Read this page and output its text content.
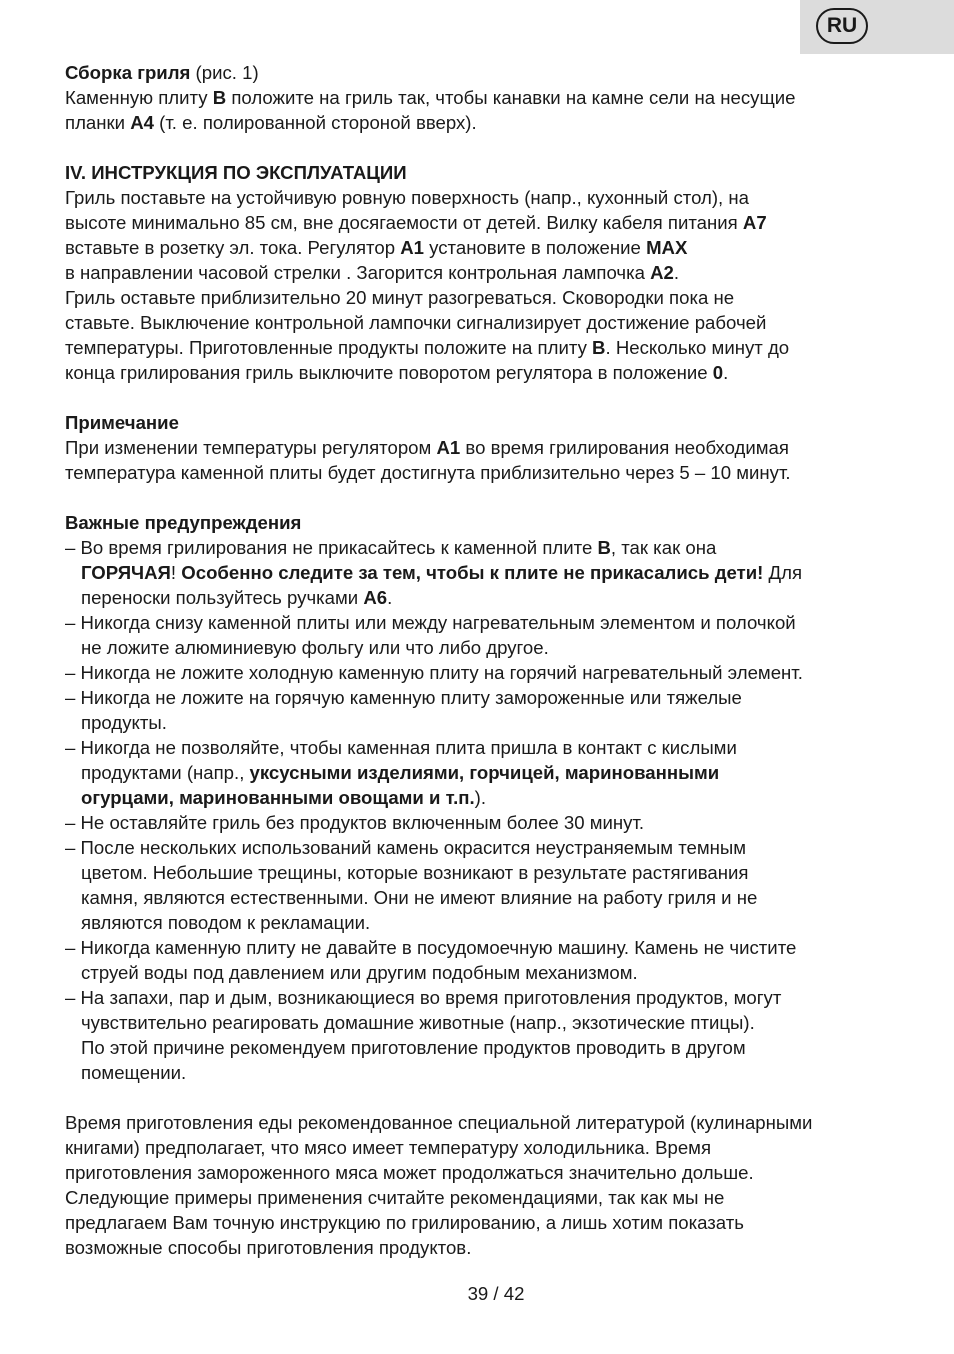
RU
Сборка гриля (рис. 1)
Каменную плиту B положите на гриль так, чтобы канавки на камне сели на несущие
планки A4 (т. е. полированной стороной вверх).
IV. ИНСТРУКЦИЯ ПО ЭКСПЛУАТАЦИИ
Гриль поставьте на устойчивую ровную поверхность (напр., кухонный стол), на
высоте минимально 85 см, вне досягаемости от детей. Вилку кабеля питания A7
вставьте в розетку эл. тока. Регулятор A1 установите в положение MAX
в направлении часовой стрелки . Загорится контрольная лампочка A2.
Гриль оставьте приблизительно 20 минут разогреваться. Сковородки пока не
ставьте. Выключение контрольной лампочки сигнализирует достижение рабочей
температуры. Приготовленные продукты положите на плиту B. Несколько минут до
конца грилирования гриль выключите поворотом регулятора в положение 0.
Примечание
При изменении температуры регулятором A1 во время грилирования необходимая
температура каменной плиты будет достигнута приблизительно через 5 – 10 минут.
Важные предупреждения
– Во время грилирования не прикасайтесь к каменной плите B, так как она
ГОРЯЧАЯ! Особенно следите за тем, чтобы к плите не прикасались дети! Для
переноски пользуйтесь ручками A6.
– Никогда снизу каменной плиты или между нагревательным элементом и полочкой
не ложите алюминиевую фольгу или что либо другое.
– Никогда не ложите холодную каменную плиту на горячий нагревательный элемент.
– Никогда не ложите на горячую каменную плиту замороженные или тяжелые
продукты.
– Никогда не позволяйте, чтобы каменная плита пришла в контакт с кислыми
продуктами (напр., уксусными изделиями, горчицей, маринованными
огурцами, маринованными овощами и т.п.).
– Не оставляйте гриль без продуктов включенным более 30 минут.
– После нескольких использований камень окрасится неустраняемым темным
цветом. Небольшие трещины, которые возникают в результате растягивания
камня, являются естественными. Они не имеют влияние на работу гриля и не
являются поводом к рекламации.
– Никогда каменную плиту не давайте в посудомоечную машину. Камень не чистите
струей воды под давлением или другим подобным механизмом.
– На запахи, пар и дым, возникающиеся во время приготовления продуктов, могут
чувствительно реагировать домашние животные (напр., экзотические птицы).
По этой причине рекомендуем приготовление продуктов проводить в другом
помещении.
Время приготовления еды рекомендованное специальной литературой (кулинарными
книгами) предполагает, что мясо имеет температуру холодильника. Время
приготовления замороженного мяса может продолжаться значительно дольше.
Следующие примеры применения считайте рекомендациями, так как мы не
предлагаем Вам точную инструкцию по грилированию, а лишь хотим показать
возможные способы приготовления продуктов.
39 / 42
